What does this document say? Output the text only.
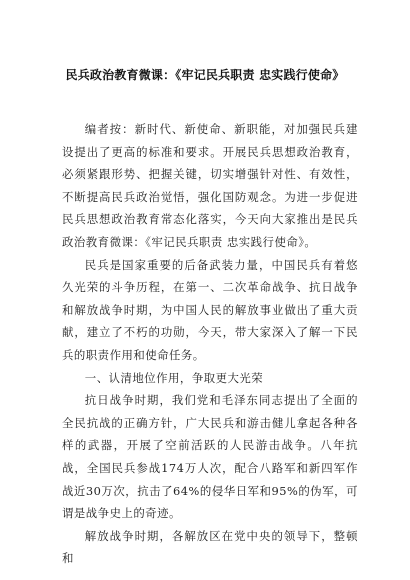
民兵政治教育微课：《牢记民兵职责 忠实践行使命》

编者按：新时代、新使命、新职能，对加强民兵建设提出了更高的标准和要求。开展民兵思想政治教育，必须紧跟形势、把握关键，切实增强针对性、有效性，不断提高民兵政治觉悟，强化国防观念。为进一步促进民兵思想政治教育常态化落实，今天向大家推出是民兵政治教育微课：《牢记民兵职责 忠实践行使命》。

民兵是国家重要的后备武装力量，中国民兵有着悠久光荣的斗争历程，在第一、二次革命战争、抗日战争和解放战争时期，为中国人民的解放事业做出了重大贡献，建立了不朽的功勋，今天，带大家深入了解一下民兵的职责作用和使命任务。

一、认清地位作用，争取更大光荣

抗日战争时期，我们党和毛泽东同志提出了全面的全民抗战的正确方针，广大民兵和游击健儿拿起各种各样的武器，开展了空前活跃的人民游击战争。八年抗战，全国民兵参战174万人次，配合八路军和新四军作战近30万次，抗击了64%的侵华日军和95%的伪军，可谓是战争史上的奇迹。

解放战争时期，各解放区在党中央的领导下，整顿和
